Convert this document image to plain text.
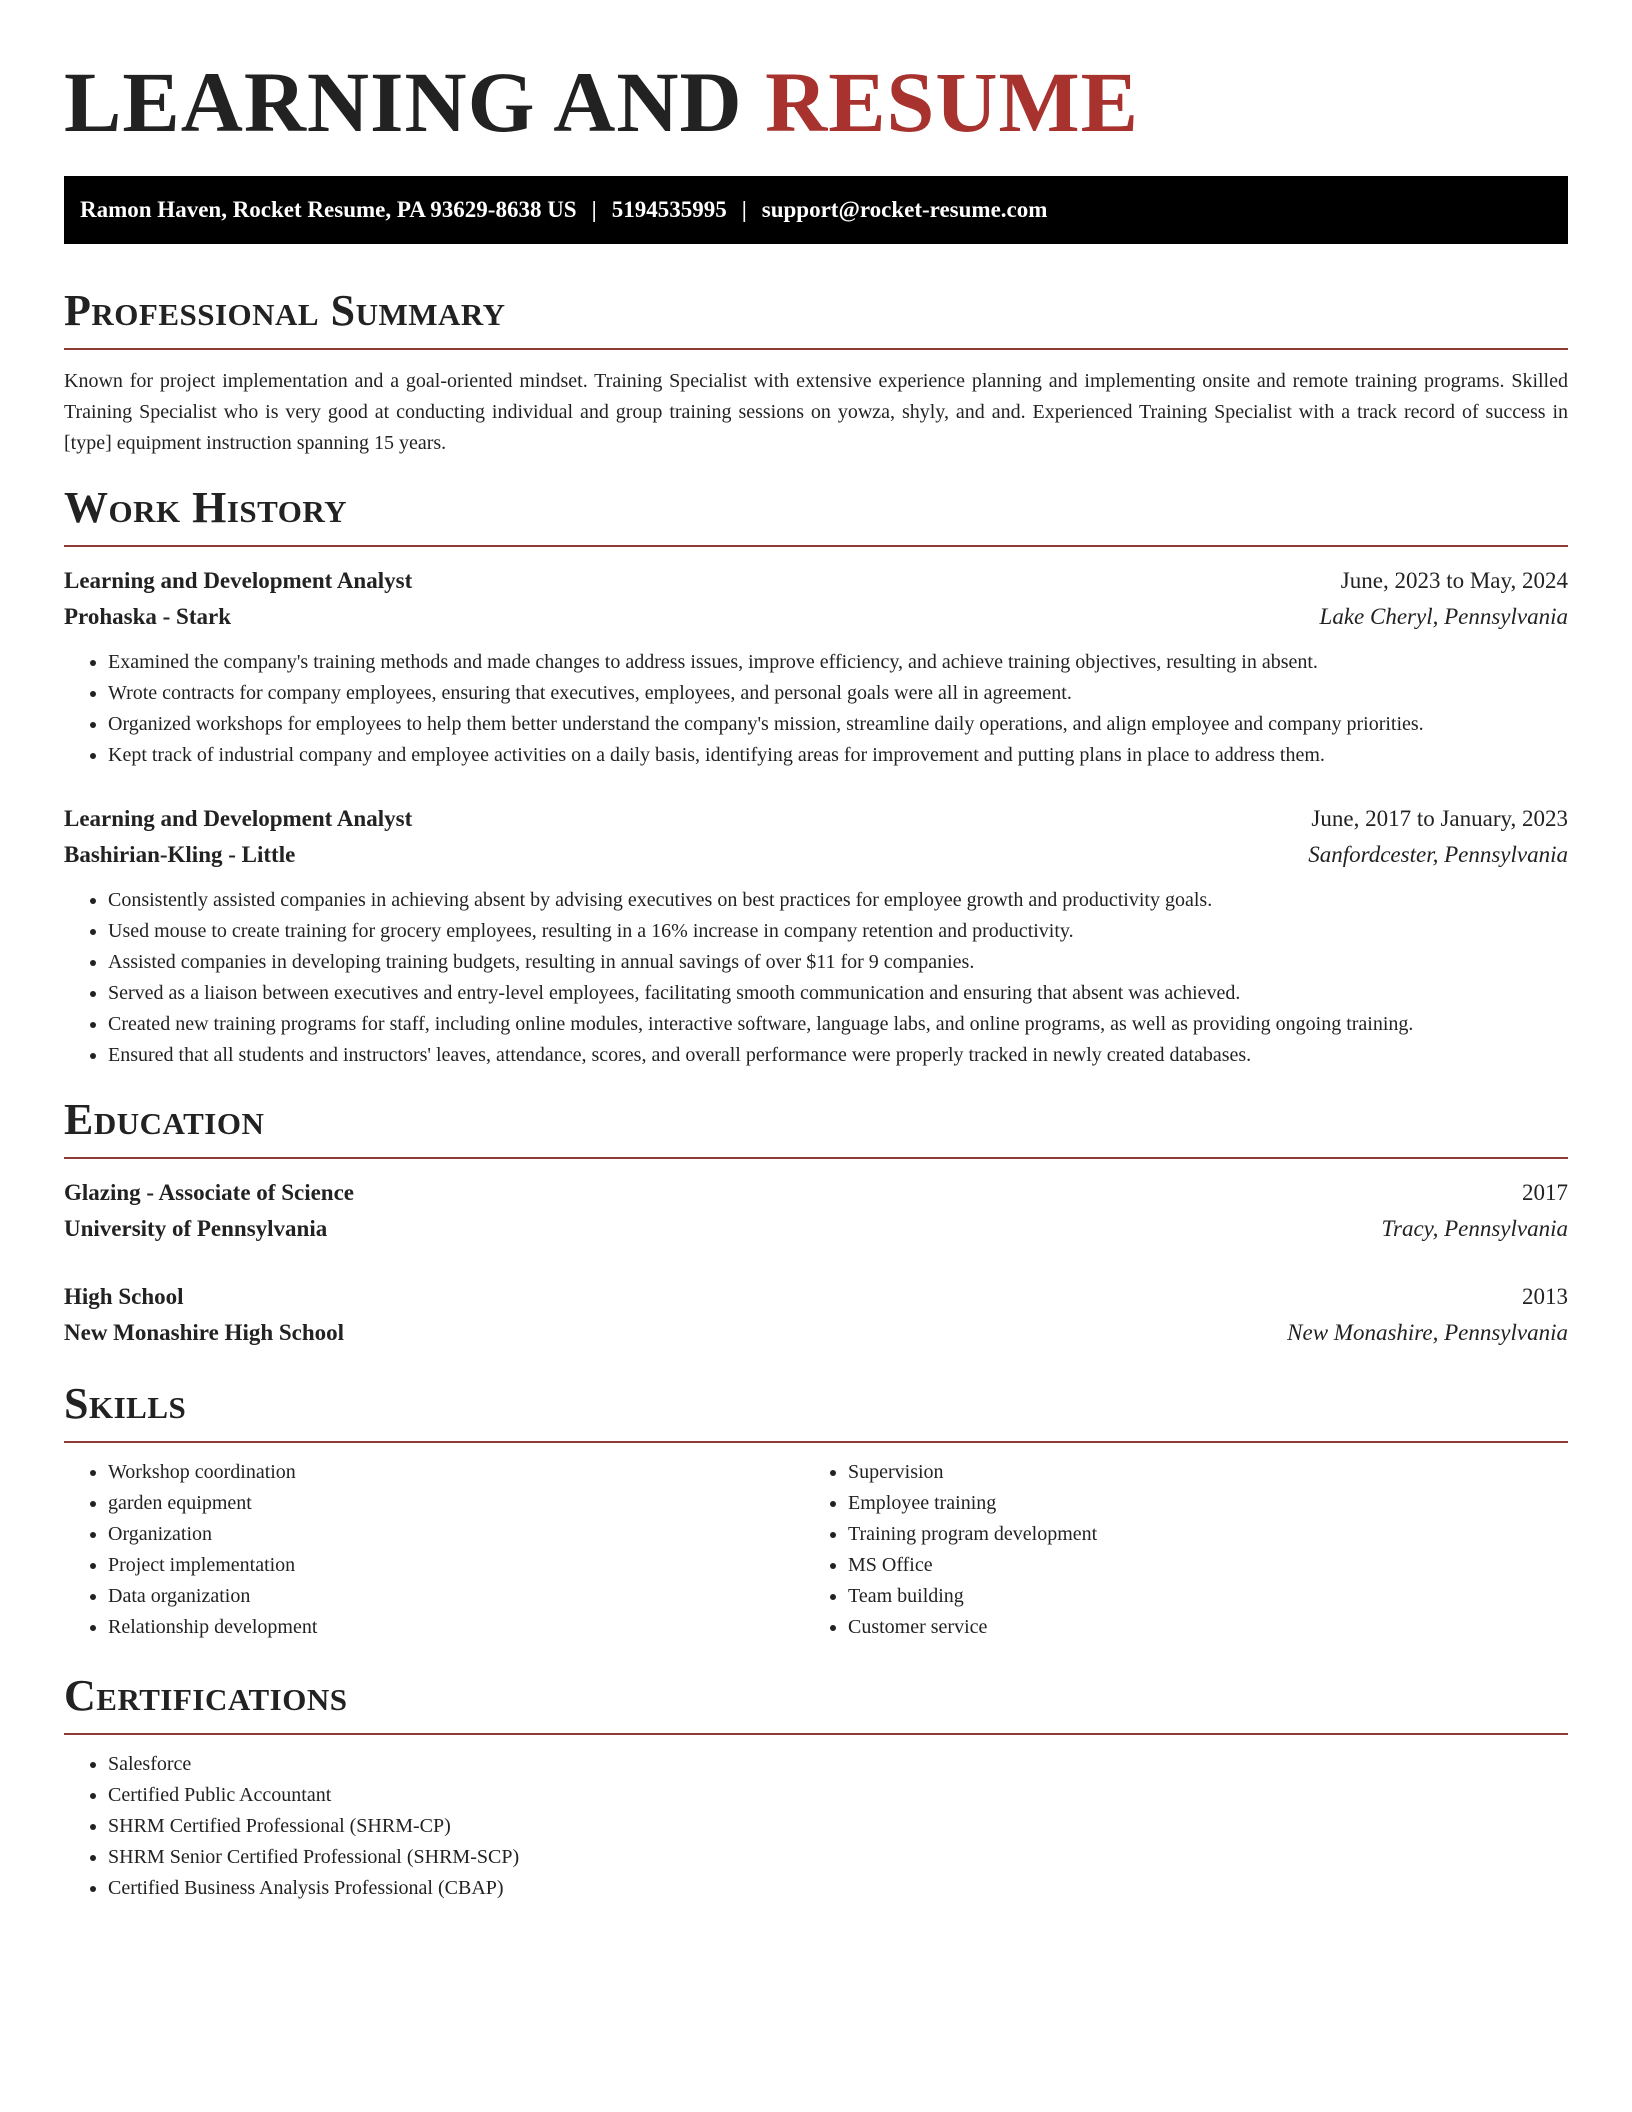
LEARNING AND RESUME
Ramon Haven, Rocket Resume, PA 93629-8638 US | 5194535995 | support@rocket-resume.com
Professional Summary

Known for project implementation and a goal-oriented mindset. Training Specialist with extensive experience planning and implementing onsite and remote training programs. Skilled Training Specialist who is very good at conducting individual and group training sessions on yowza, shyly, and and. Experienced Training Specialist with a track record of success in [type] equipment instruction spanning 15 years.

Work History
Learning and Development Analyst	June, 2023 to May, 2024
Prohaska - Stark	Lake Cheryl, Pennsylvania
• Examined the company's training methods and made changes to address issues, improve efficiency, and achieve training objectives, resulting in absent.
• Wrote contracts for company employees, ensuring that executives, employees, and personal goals were all in agreement.
• Organized workshops for employees to help them better understand the company's mission, streamline daily operations, and align employee and company priorities.
• Kept track of industrial company and employee activities on a daily basis, identifying areas for improvement and putting plans in place to address them.
Learning and Development Analyst	June, 2017 to January, 2023
Bashirian-Kling - Little	Sanfordcester, Pennsylvania
• Consistently assisted companies in achieving absent by advising executives on best practices for employee growth and productivity goals.
• Used mouse to create training for grocery employees, resulting in a 16% increase in company retention and productivity.
• Assisted companies in developing training budgets, resulting in annual savings of over $11 for 9 companies.
• Served as a liaison between executives and entry-level employees, facilitating smooth communication and ensuring that absent was achieved.
• Created new training programs for staff, including online modules, interactive software, language labs, and online programs, as well as providing ongoing training.
• Ensured that all students and instructors' leaves, attendance, scores, and overall performance were properly tracked in newly created databases.
Education
Glazing - Associate of Science	2017
University of Pennsylvania	Tracy, Pennsylvania
High School	2013
New Monashire High School	New Monashire, Pennsylvania
Skills
• Workshop coordination
• garden equipment
• Organization
• Project implementation
• Data organization
• Relationship development
• Supervision
• Employee training
• Training program development
• MS Office
• Team building
• Customer service
Certifications
• Salesforce
• Certified Public Accountant
• SHRM Certified Professional (SHRM-CP)
• SHRM Senior Certified Professional (SHRM-SCP)
• Certified Business Analysis Professional (CBAP)
